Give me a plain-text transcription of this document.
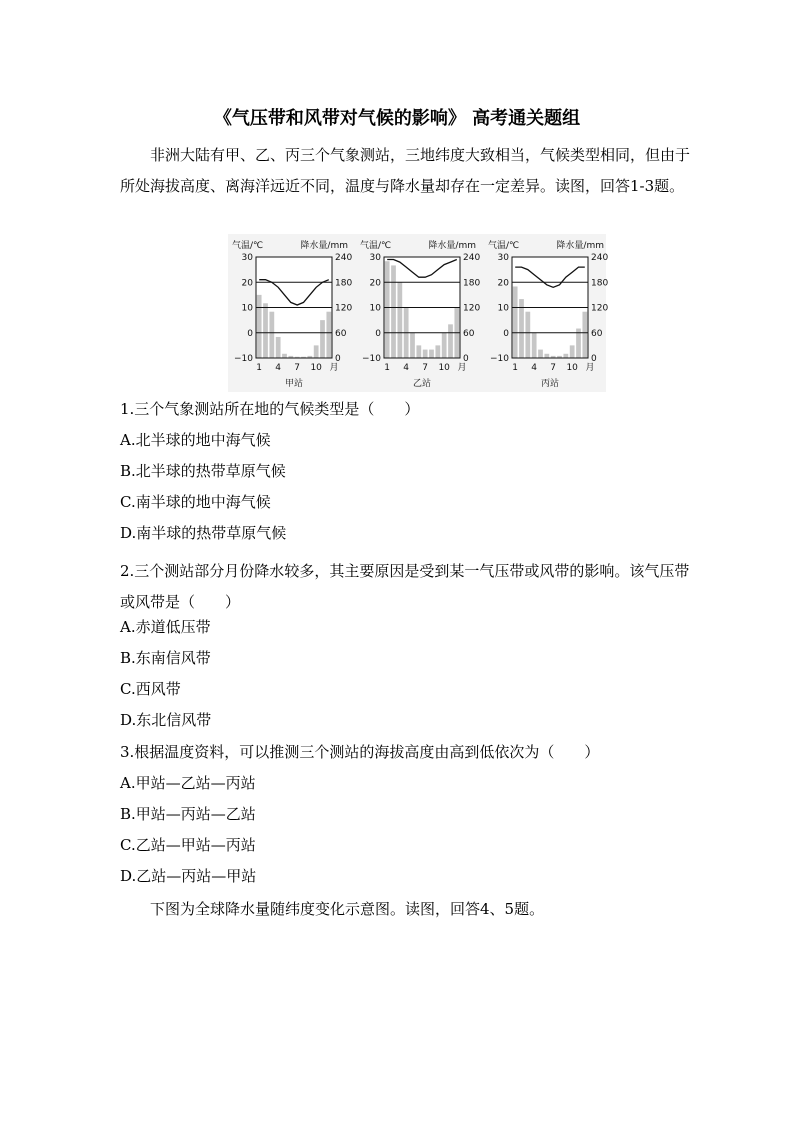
《气压带和风带对气候的影响》 高考通关题组
非洲大陆有甲、乙、丙三个气象测站，三地纬度大致相当，气候类型相同，但由于所处海拔高度、离海洋远近不同，温度与降水量却存在一定差异。读图，回答1-3题。
气温/℃	降水量/mm
30	240
20	180
10	120
0	60
−10	0
1 4 7 10 月
甲站
气温/℃	降水量/mm
30	240
20	180
10	120
0	60
−10	0
1 4 7 10 月
乙站
气温/℃	降水量/mm
30	240
20	180
10	120
0	60
−10	0
1 4 7 10 月
丙站
1.三个气象测站所在地的气候类型是（　　）
A.北半球的地中海气候
B.北半球的热带草原气候
C.南半球的地中海气候
D.南半球的热带草原气候
2.三个测站部分月份降水较多，其主要原因是受到某一气压带或风带的影响。该气压带或风带是（　　）
A.赤道低压带
B.东南信风带
C.西风带
D.东北信风带
3.根据温度资料，可以推测三个测站的海拔高度由高到低依次为（　　）
A.甲站—乙站—丙站
B.甲站—丙站—乙站
C.乙站—甲站—丙站
D.乙站—丙站—甲站
下图为全球降水量随纬度变化示意图。读图，回答4、5题。
